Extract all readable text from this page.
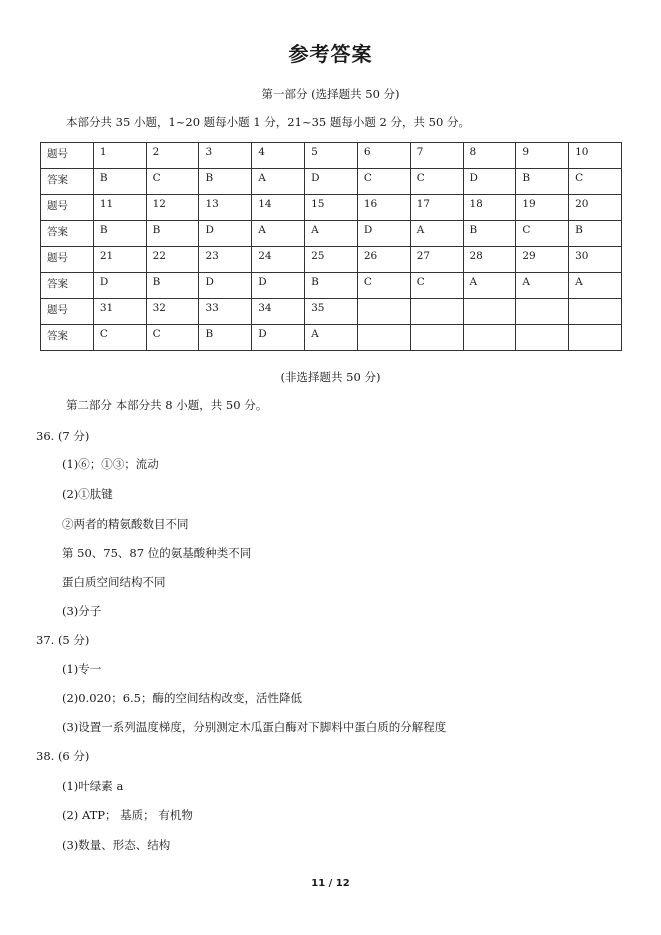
参考答案
第一部分 (选择题共 50 分)
本部分共 35 小题，1~20 题每小题 1 分，21~35 题每小题 2 分，共 50 分。
题号	1	2	3	4	5	6	7	8	9	10
答案	B	C	B	A	D	C	C	D	B	C
题号	11	12	13	14	15	16	17	18	19	20
答案	B	B	D	A	A	D	A	B	C	B
题号	21	22	23	24	25	26	27	28	29	30
答案	D	B	D	D	B	C	C	A	A	A
题号	31	32	33	34	35					
答案	C	C	B	D	A					
(非选择题共 50 分)
第二部分 本部分共 8 小题，共 50 分。
36. (7 分)
(1)⑥；①③；流动
(2)①肽键
②两者的精氨酸数目不同
第 50、75、87 位的氨基酸种类不同
蛋白质空间结构不同
(3)分子
37. (5 分)
(1)专一
(2)0.020；6.5；酶的空间结构改变，活性降低
(3)设置一系列温度梯度，分别测定木瓜蛋白酶对下脚料中蛋白质的分解程度
38. (6 分)
(1)叶绿素 a
(2) ATP； 基质； 有机物
(3)数量、形态、结构
11 / 12
